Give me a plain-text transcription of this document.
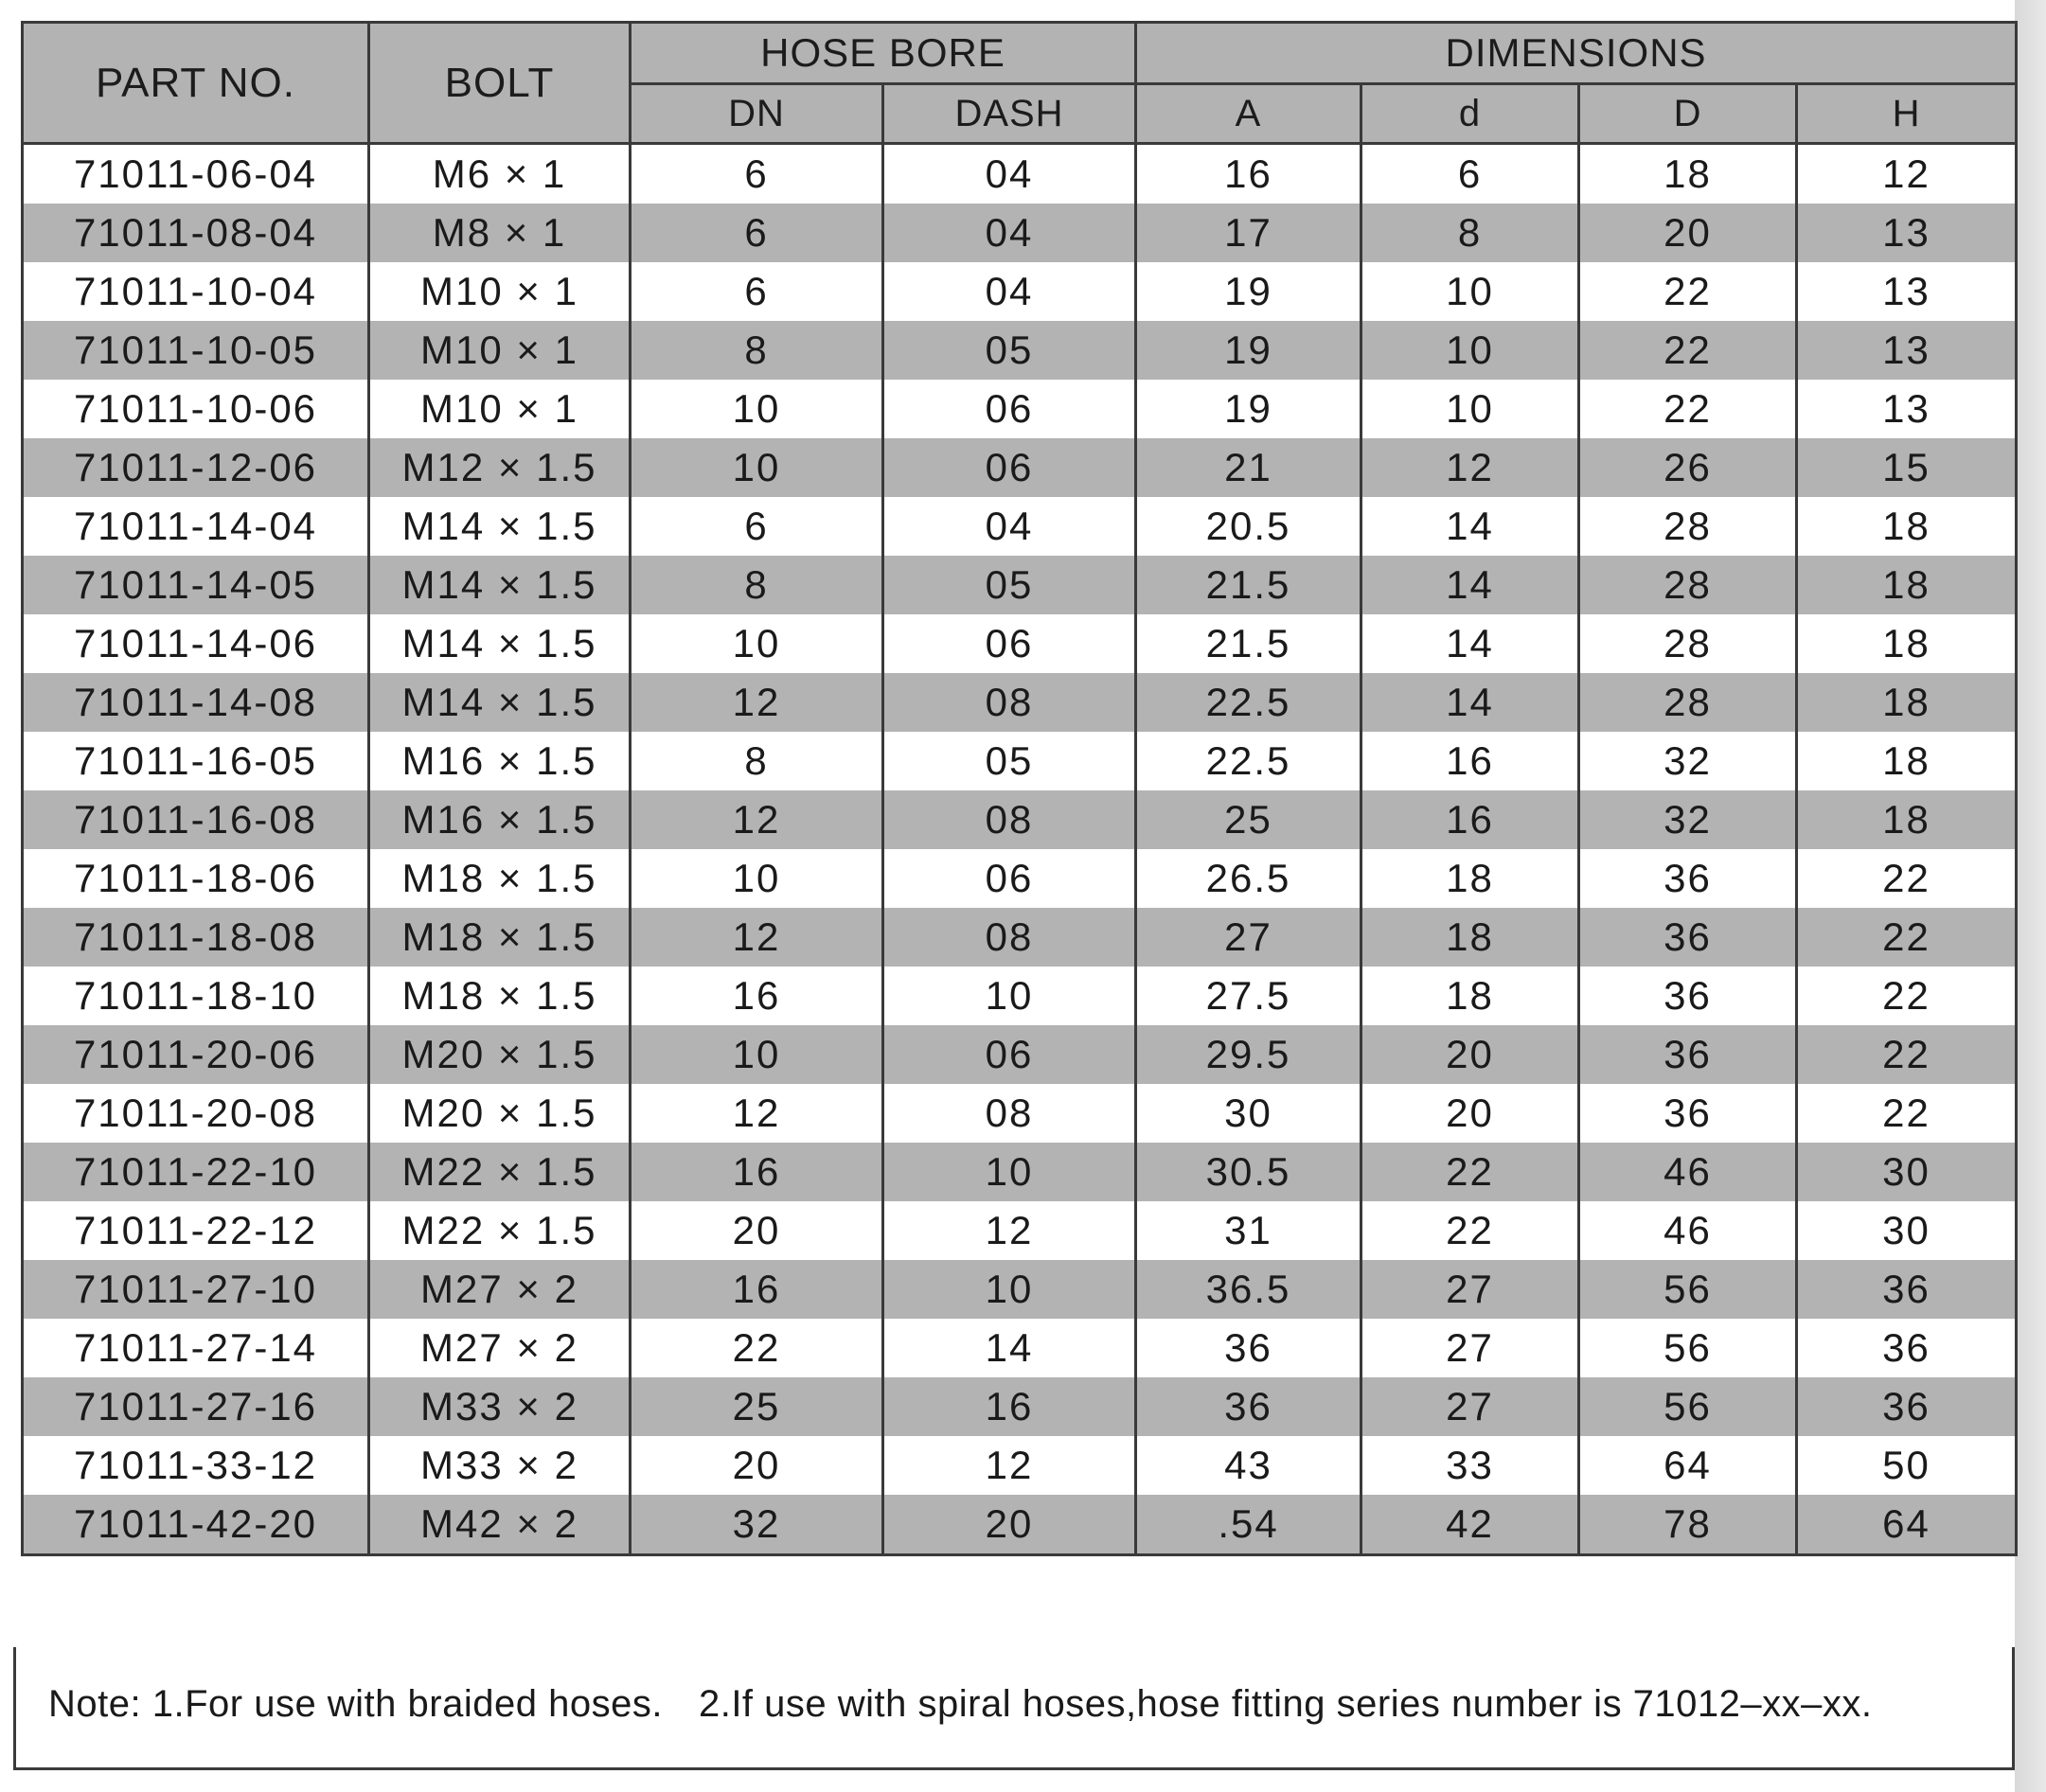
PART NO.	BOLT	HOSE BORE		DIMENSIONS			
		DN	DASH	A	d	D	H
71011-06-04	M6 × 1	6	04	16	6	18	12
71011-08-04	M8 × 1	6	04	17	8	20	13
71011-10-04	M10 × 1	6	04	19	10	22	13
71011-10-05	M10 × 1	8	05	19	10	22	13
71011-10-06	M10 × 1	10	06	19	10	22	13
71011-12-06	M12 × 1.5	10	06	21	12	26	15
71011-14-04	M14 × 1.5	6	04	20.5	14	28	18
71011-14-05	M14 × 1.5	8	05	21.5	14	28	18
71011-14-06	M14 × 1.5	10	06	21.5	14	28	18
71011-14-08	M14 × 1.5	12	08	22.5	14	28	18
71011-16-05	M16 × 1.5	8	05	22.5	16	32	18
71011-16-08	M16 × 1.5	12	08	25	16	32	18
71011-18-06	M18 × 1.5	10	06	26.5	18	36	22
71011-18-08	M18 × 1.5	12	08	27	18	36	22
71011-18-10	M18 × 1.5	16	10	27.5	18	36	22
71011-20-06	M20 × 1.5	10	06	29.5	20	36	22
71011-20-08	M20 × 1.5	12	08	30	20	36	22
71011-22-10	M22 × 1.5	16	10	30.5	22	46	30
71011-22-12	M22 × 1.5	20	12	31	22	46	30
71011-27-10	M27 × 2	16	10	36.5	27	56	36
71011-27-14	M27 × 2	22	14	36	27	56	36
71011-27-16	M33 × 2	25	16	36	27	56	36
71011-33-12	M33 × 2	20	12	43	33	64	50
71011-42-20	M42 × 2	32	20	.54	42	78	64
Note: 1.For use with braided hoses. 2.If use with spiral hoses,hose fitting series number is 71012–xx–xx.
